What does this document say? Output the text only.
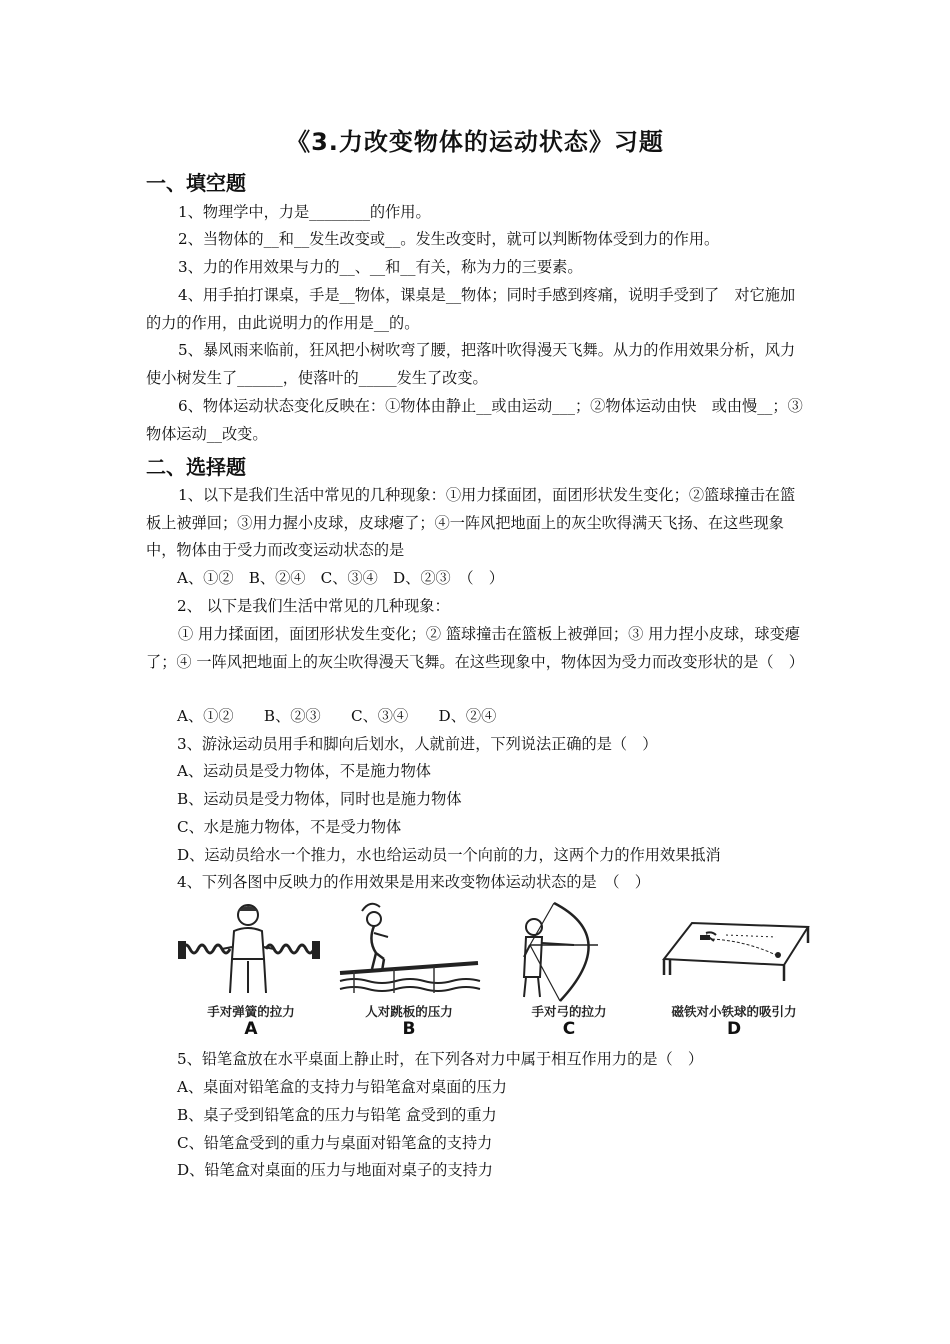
《3.力改变物体的运动状态》习题
一、填空题
1、物理学中，力是________的作用。
2、当物体的__和__发生改变或__。发生改变时，就可以判断物体受到力的作用。
3、力的作用效果与力的__、__和__有关，称为力的三要素。
4、用手拍打课桌，手是__物体，课桌是__物体；同时手感到疼痛，说明手受到了　对它施加的力的作用，由此说明力的作用是__的。
5、暴风雨来临前，狂风把小树吹弯了腰，把落叶吹得漫天飞舞。从力的作用效果分析，风力使小树发生了______，使落叶的_____发生了改变。
6、物体运动状态变化反映在：①物体由静止__或由运动___；②物体运动由快　或由慢__；③物体运动__改变。
二、选择题
1、以下是我们生活中常见的几种现象：①用力揉面团，面团形状发生变化；②篮球撞击在篮板上被弹回；③用力握小皮球，皮球瘪了；④一阵风把地面上的灰尘吹得满天飞扬、在这些现象中，物体由于受力而改变运动状态的是
A、①②　B、②④　C、③④　D、②③　（　）
2、 以下是我们生活中常见的几种现象：
① 用力揉面团，面团形状发生变化；② 篮球撞击在篮板上被弹回；③ 用力捏小皮球，球变瘪了；④ 一阵风把地面上的灰尘吹得漫天飞舞。在这些现象中，物体因为受力而改变形状的是（　）
A、①②　　B、②③　　C、③④　　D、②④
3、游泳运动员用手和脚向后划水，人就前进，下列说法正确的是（　）
A、运动员是受力物体，不是施力物体
B、运动员是受力物体，同时也是施力物体
C、水是施力物体，不是受力物体
D、运动员给水一个推力，水也给运动员一个向前的力，这两个力的作用效果抵消
4、下列各图中反映力的作用效果是用来改变物体运动状态的是　（　）
手对弹簧的拉力
A
人对跳板的压力
B
手对弓的拉力
C
磁铁对小铁球的吸引力
D
5、铅笔盒放在水平桌面上静止时，在下列各对力中属于相互作用力的是（　）
A、桌面对铅笔盒的支持力与铅笔盒对桌面的压力
B、桌子受到铅笔盒的压力与铅笔 盒受到的重力
C、铅笔盒受到的重力与桌面对铅笔盒的支持力
D、铅笔盒对桌面的压力与地面对桌子的支持力
